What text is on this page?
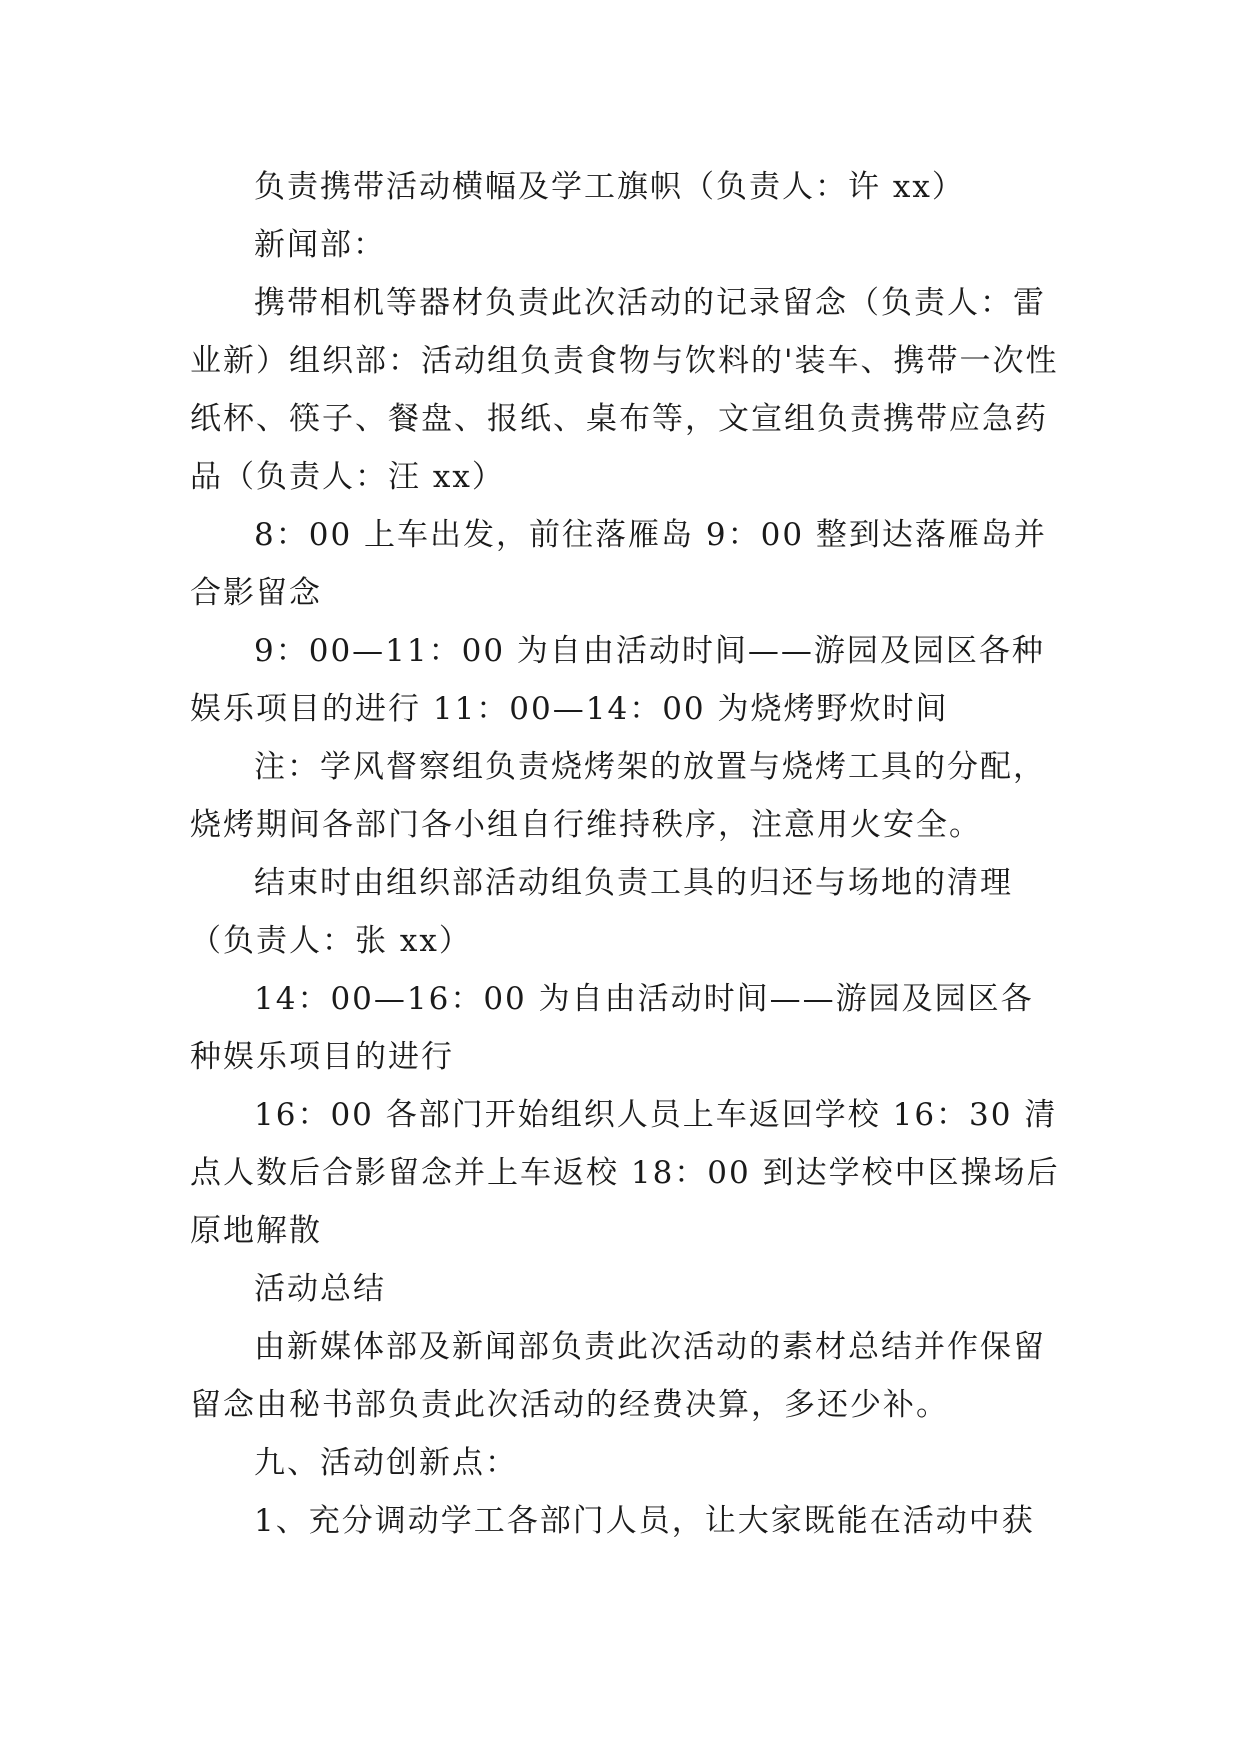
负责携带活动横幅及学工旗帜（负责人：许 xx）

新闻部：

携带相机等器材负责此次活动的记录留念（负责人：雷业新）组织部：活动组负责食物与饮料的'装车、携带一次性纸杯、筷子、餐盘、报纸、桌布等，文宣组负责携带应急药品（负责人：汪 xx）

8：00 上车出发，前往落雁岛 9：00 整到达落雁岛并合影留念

9：00—11：00 为自由活动时间——游园及园区各种娱乐项目的进行 11：00—14：00 为烧烤野炊时间

注：学风督察组负责烧烤架的放置与烧烤工具的分配，烧烤期间各部门各小组自行维持秩序，注意用火安全。

结束时由组织部活动组负责工具的归还与场地的清理（负责人：张 xx）

14：00—16：00 为自由活动时间——游园及园区各种娱乐项目的进行

16：00 各部门开始组织人员上车返回学校 16：30 清点人数后合影留念并上车返校 18：00 到达学校中区操场后原地解散

活动总结

由新媒体部及新闻部负责此次活动的素材总结并作保留留念由秘书部负责此次活动的经费决算，多还少补。

九、活动创新点：

1、充分调动学工各部门人员，让大家既能在活动中获
